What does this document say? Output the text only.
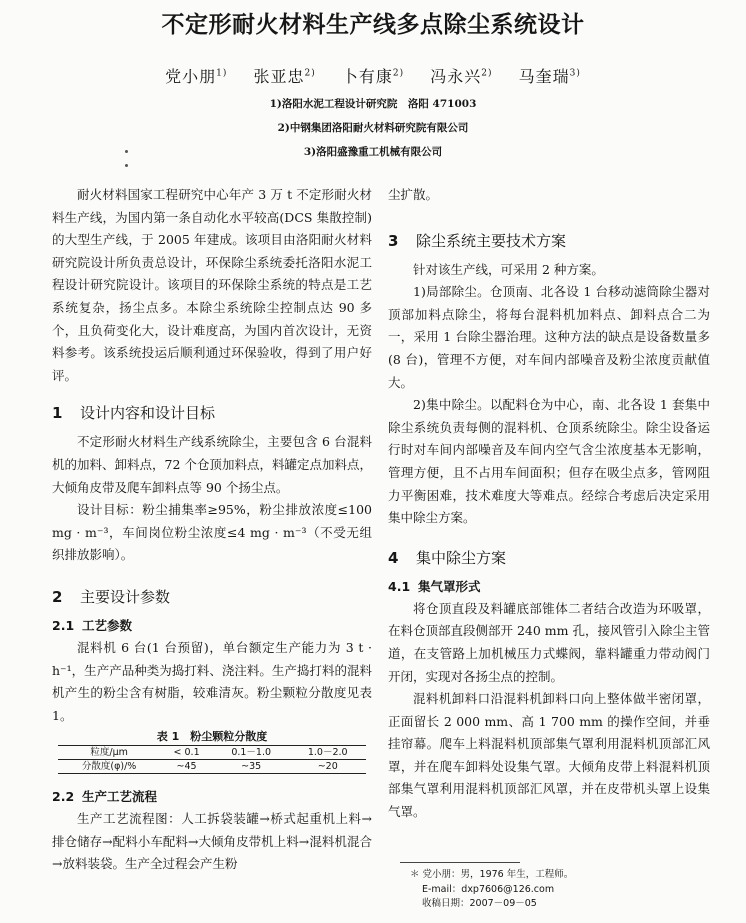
不定形耐火材料生产线多点除尘系统设计
党小朋$^{1)}$ 张亚忠$^{2)}$ 卜有康$^{2)}$ 冯永兴$^{2)}$ 马奎瑞$^{3)}$
1)洛阳水泥工程设计研究院　洛阳 471003
2)中钢集团洛阳耐火材料研究院有限公司
3)洛阳盛豫重工机械有限公司

耐火材料国家工程研究中心年产 3 万 t 不定形耐火材料生产线，为国内第一条自动化水平较高(DCS 集散控制)的大型生产线，于 2005 年建成。该项目由洛阳耐火材料研究院设计所负责总设计，环保除尘系统委托洛阳水泥工程设计研究院设计。该项目的环保除尘系统的特点是工艺系统复杂，扬尘点多。本除尘系统除尘控制点达 90 多个，且负荷变化大，设计难度高，为国内首次设计，无资料参考。该系统投运后顺利通过环保验收，得到了用户好评。

1 设计内容和设计目标

不定形耐火材料生产线系统除尘，主要包含 6 台混料机的加料、卸料点，72 个仓顶加料点，料罐定点加料点，大倾角皮带及爬车卸料点等 90 个扬尘点。

设计目标：粉尘捕集率≥95%，粉尘排放浓度≤100 mg · m⁻³，车间岗位粉尘浓度≤4 mg · m⁻³（不受无组织排放影响）。

2 主要设计参数
2.1 工艺参数

混料机 6 台(1 台预留)，单台额定生产能力为 3 t · h⁻¹，生产产品种类为捣打料、浇注料。生产捣打料的混料机产生的粉尘含有树脂，较难清灰。粉尘颗粒分散度见表 1。

表 1　粉尘颗粒分散度
粒度/μm	< 0.1	0.1－1.0	1.0－2.0
分散度(φ)/%	~45	~35	~20
2.2 生产工艺流程

生产工艺流程图：人工拆袋装罐→桥式起重机上料→排仓储存→配料小车配料→大倾角皮带机上料→混料机混合→放料装袋。生产全过程会产生粉

尘扩散。

3 除尘系统主要技术方案

针对该生产线，可采用 2 种方案。

1)局部除尘。仓顶南、北各设 1 台移动滤筒除尘器对顶部加料点除尘，将每台混料机加料点、卸料点合二为一，采用 1 台除尘器治理。这种方法的缺点是设备数量多(8 台)，管理不方便，对车间内部噪音及粉尘浓度贡献值大。

2)集中除尘。以配料仓为中心，南、北各设 1 套集中除尘系统负责每侧的混料机、仓顶系统除尘。除尘设备运行时对车间内部噪音及车间内空气含尘浓度基本无影响，管理方便，且不占用车间面积；但存在吸尘点多，管网阻力平衡困难，技术难度大等难点。经综合考虑后决定采用集中除尘方案。

4 集中除尘方案
4.1 集气罩形式

将仓顶直段及料罐底部锥体二者结合改造为环吸罩，在料仓顶部直段侧部开 240 mm 孔，接风管引入除尘主管道，在支管路上加机械压力式蝶阀，靠料罐重力带动阀门开闭，实现对各扬尘点的控制。

混料机卸料口沿混料机卸料口向上整体做半密闭罩，正面留长 2 000 mm、高 1 700 mm 的操作空间，并垂挂帘幕。爬车上料混料机顶部集气罩利用混料机顶部汇风罩，并在爬车卸料处设集气罩。大倾角皮带上料混料机顶部集气罩利用混料机顶部汇风罩，并在皮带机头罩上设集气罩。

＊ 党小朋：男，1976 年生，工程师。
E-mail：dxp7606@126.com
收稿日期：2007－09－05
